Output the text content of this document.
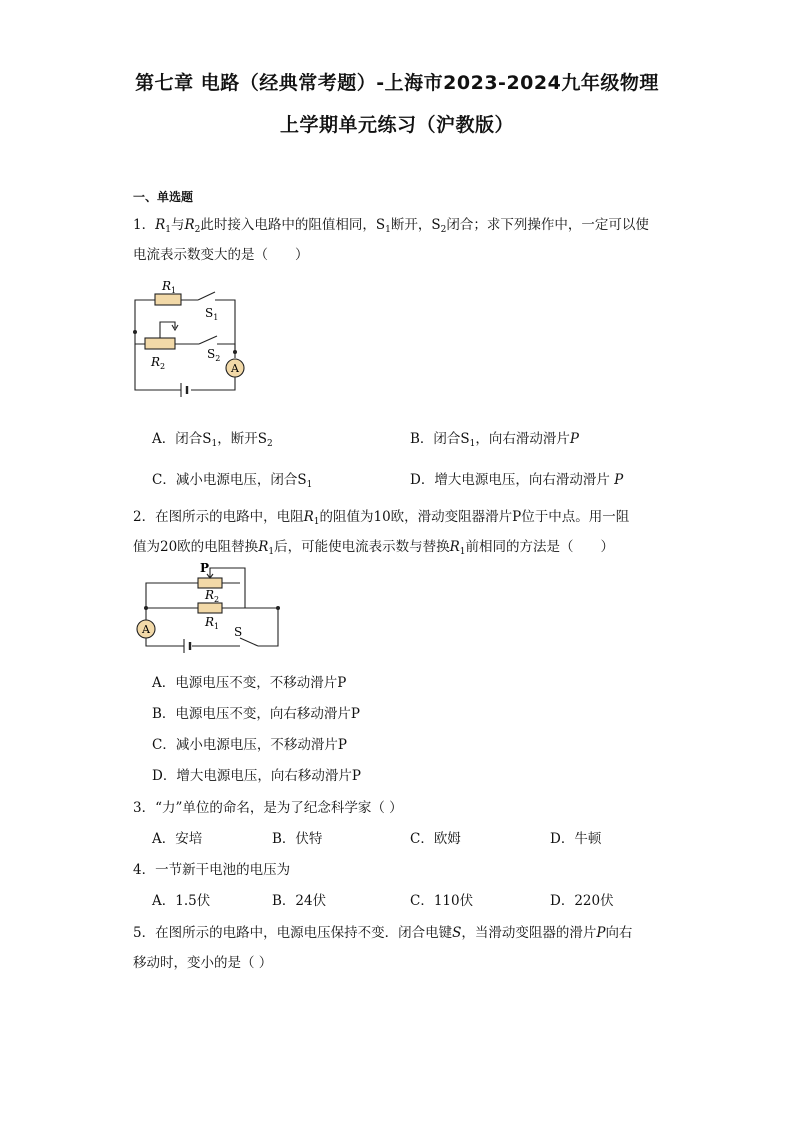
第七章 电路（经典常考题）-上海市2023-2024九年级物理
上学期单元练习（沪教版）
一、单选题
1．$R_1$与$R_2$此时接入电路中的阻值相同，$S_1$断开，$S_2$闭合；求下列操作中，一定可以使
电流表示数变大的是（　　）
$R_1$
$S_1$
$R_2$
$S_2$
A
A．闭合$S_1$，断开$S_2$	B．闭合$S_1$，向右滑动滑片P
C．减小电源电压，闭合$S_1$	D．增大电源电压，向右滑动滑片 P
2．在图所示的电路中，电阻$R_1$的阻值为10欧，滑动变阻器滑片P位于中点。用一阻
值为20欧的电阻替换$R_1$后，可能使电流表示数与替换$R_1$前相同的方法是（　　）
P
$R_2$
$R_1$ S
A
A．电源电压不变，不移动滑片P
B．电源电压不变，向右移动滑片P
C．减小电源电压，不移动滑片P
D．增大电源电压，向右移动滑片P
3．“力”单位的命名，是为了纪念科学家（ ）
A．安培	B．伏特	C．欧姆	D．牛顿
4．一节新干电池的电压为
A．1.5伏	B．24伏	C．110伏	D．220伏
5．在图所示的电路中，电源电压保持不变．闭合电键S，当滑动变阻器的滑片P向右
移动时，变小的是（ ）
